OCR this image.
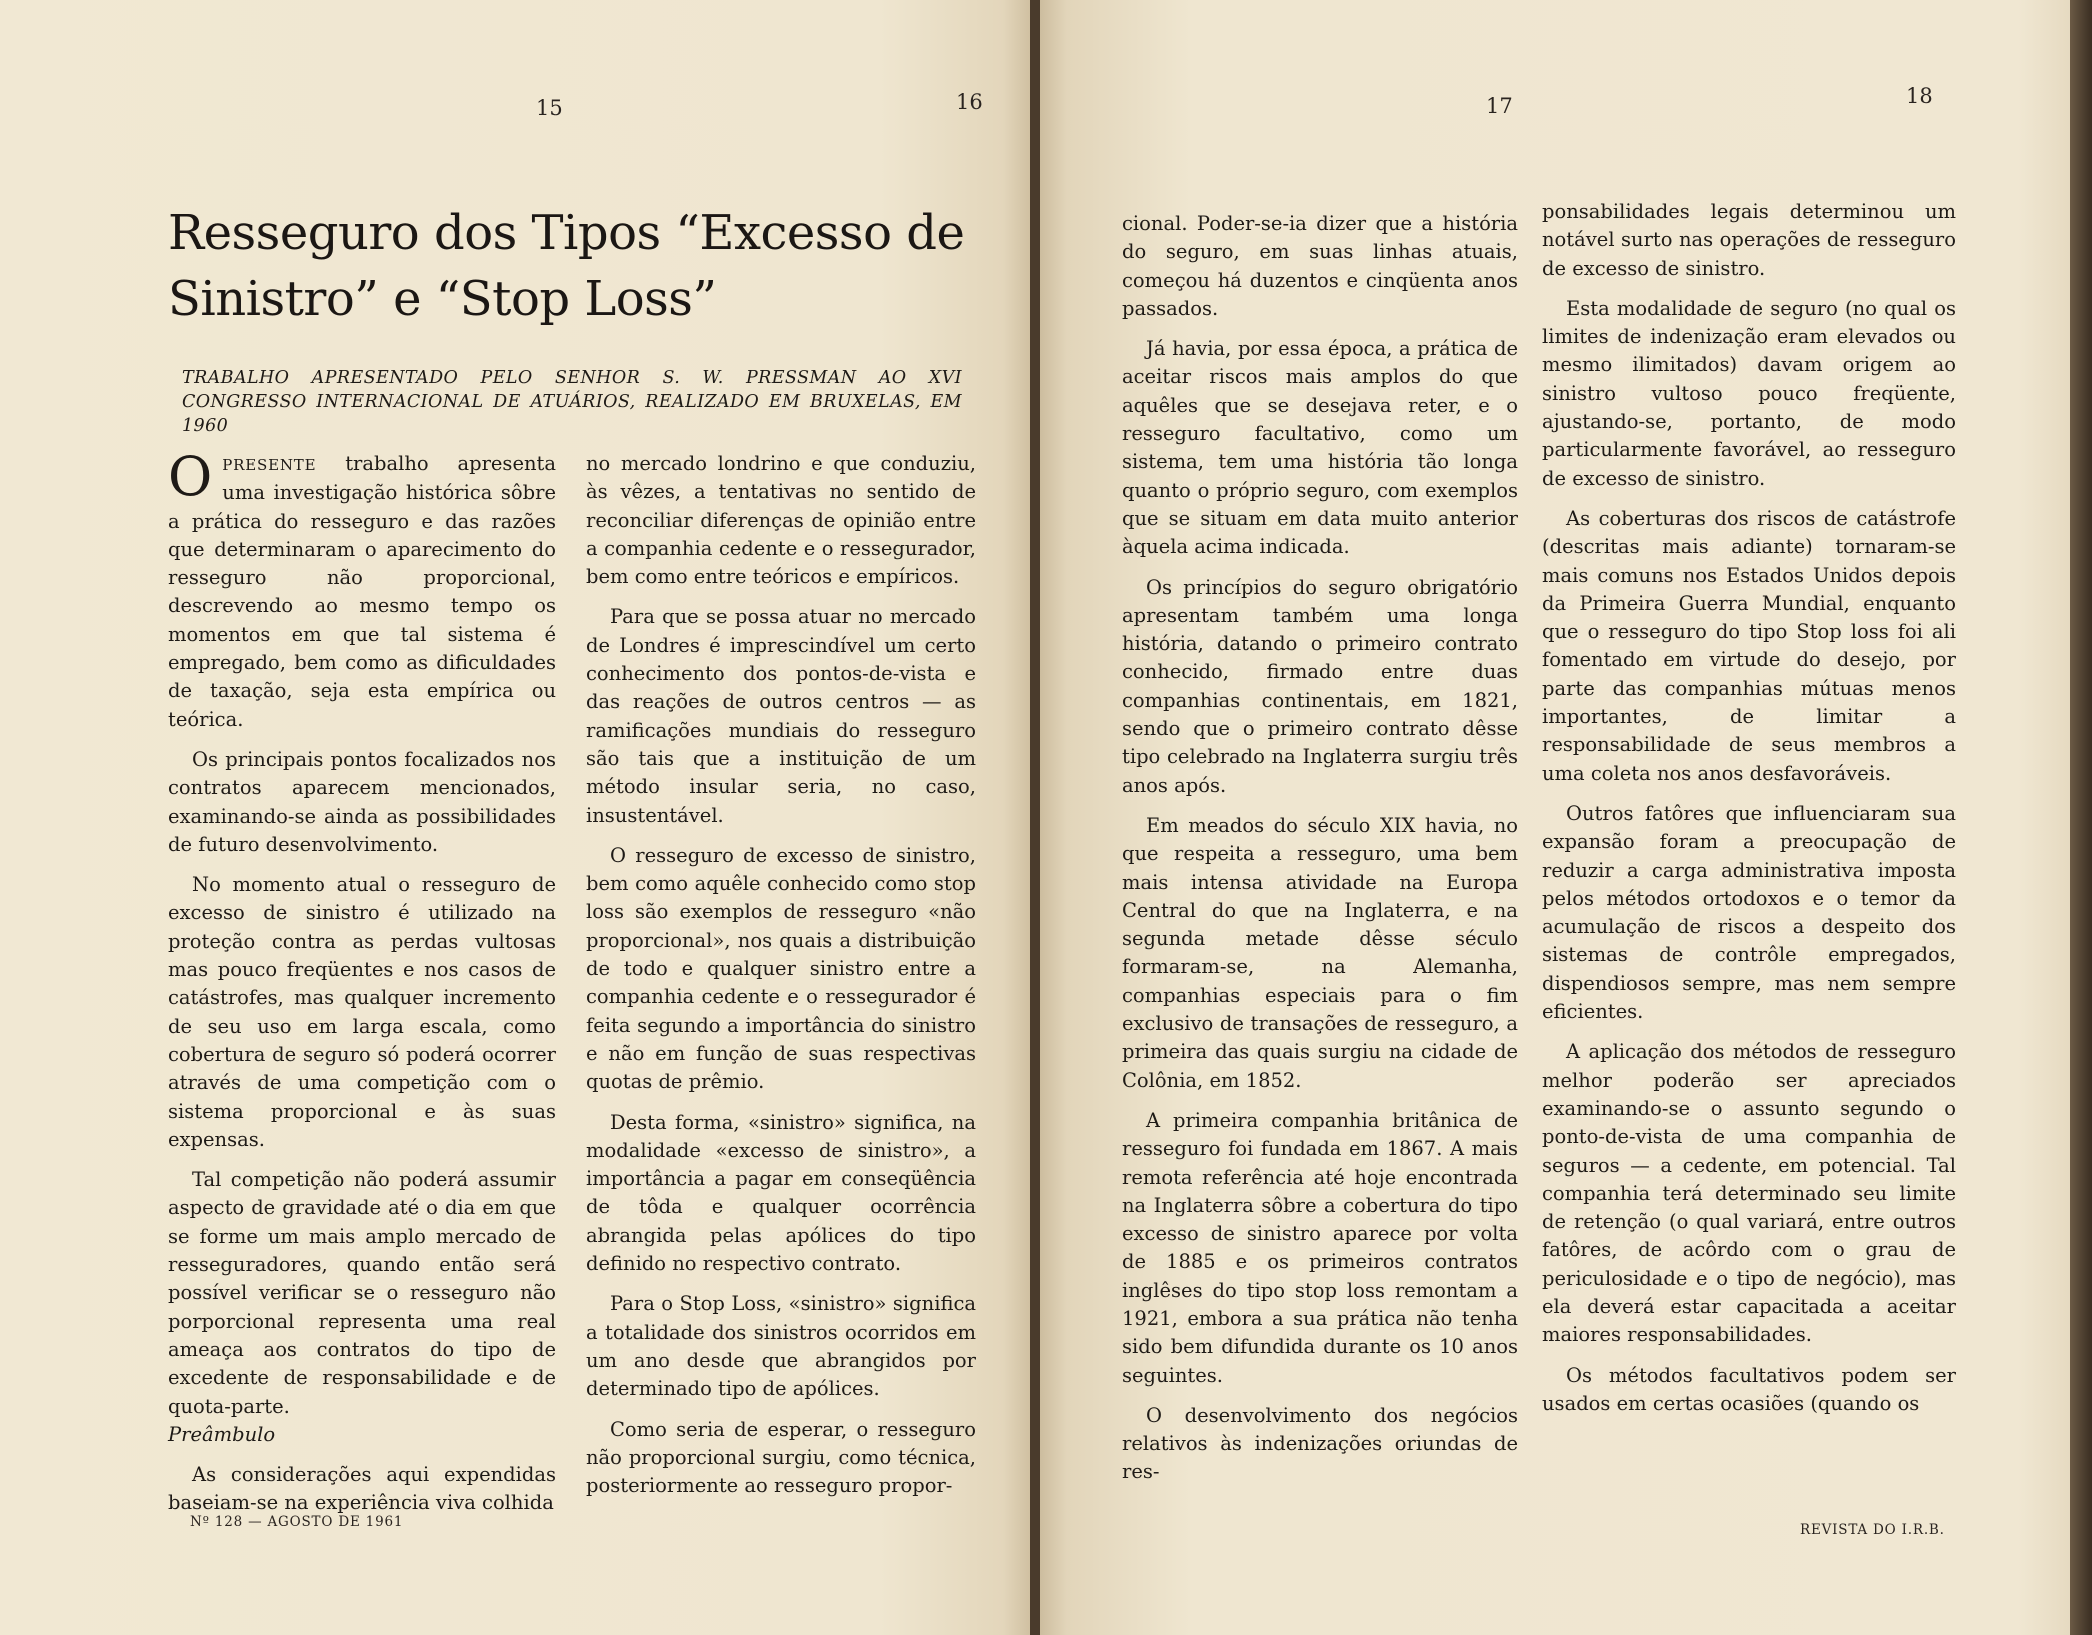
15	16	17	18
Resseguro dos Tipos “Excesso de Sinistro” e “Stop Loss”
TRABALHO APRESENTADO PELO SENHOR S. W. PRESSMAN AO XVI CONGRESSO INTERNACIONAL DE ATUÁRIOS, REALIZADO EM BRUXELAS, EM 1960

OPRESENTE trabalho apresenta uma investigação histórica sôbre a prática do resseguro e das razões que determinaram o aparecimento do resseguro não proporcional, descrevendo ao mesmo tempo os momentos em que tal sistema é empregado, bem como as dificuldades de taxação, seja esta empírica ou teórica.

Os principais pontos focalizados nos contratos aparecem mencionados, examinando-se ainda as possibilidades de futuro desenvolvimento.

No momento atual o resseguro de excesso de sinistro é utilizado na proteção contra as perdas vultosas mas pouco freqüentes e nos casos de catástrofes, mas qualquer incremento de seu uso em larga escala, como cobertura de seguro só poderá ocorrer através de uma competição com o sistema proporcional e às suas expensas.

Tal competição não poderá assumir aspecto de gravidade até o dia em que se forme um mais amplo mercado de resseguradores, quando então será possível verificar se o resseguro não porporcional representa uma real ameaça aos contratos do tipo de excedente de responsabilidade e de quota-parte.

Preâmbulo

As considerações aqui expendidas baseiam-se na experiência viva colhida

no mercado londrino e que conduziu, às vêzes, a tentativas no sentido de reconciliar diferenças de opinião entre a companhia cedente e o ressegurador, bem como entre teóricos e empíricos.

Para que se possa atuar no mercado de Londres é imprescindível um certo conhecimento dos pontos-de-vista e das reações de outros centros — as ramificações mundiais do resseguro são tais que a instituição de um método insular seria, no caso, insustentável.

O resseguro de excesso de sinistro, bem como aquêle conhecido como stop loss são exemplos de resseguro «não proporcional», nos quais a distribuição de todo e qualquer sinistro entre a companhia cedente e o ressegurador é feita segundo a importância do sinistro e não em função de suas respectivas quotas de prêmio.

Desta forma, «sinistro» significa, na modalidade «excesso de sinistro», a importância a pagar em conseqüência de tôda e qualquer ocorrência abrangida pelas apólices do tipo definido no respectivo contrato.

Para o Stop Loss, «sinistro» significa a totalidade dos sinistros ocorridos em um ano desde que abrangidos por determinado tipo de apólices.

Como seria de esperar, o resseguro não proporcional surgiu, como técnica, posteriormente ao resseguro propor-

cional. Poder-se-ia dizer que a história do seguro, em suas linhas atuais, começou há duzentos e cinqüenta anos passados.

Já havia, por essa época, a prática de aceitar riscos mais amplos do que aquêles que se desejava reter, e o resseguro facultativo, como um sistema, tem uma história tão longa quanto o próprio seguro, com exemplos que se situam em data muito anterior àquela acima indicada.

Os princípios do seguro obrigatório apresentam também uma longa história, datando o primeiro contrato conhecido, firmado entre duas companhias continentais, em 1821, sendo que o primeiro contrato dêsse tipo celebrado na Inglaterra surgiu três anos após.

Em meados do século XIX havia, no que respeita a resseguro, uma bem mais intensa atividade na Europa Central do que na Inglaterra, e na segunda metade dêsse século formaram-se, na Alemanha, companhias especiais para o fim exclusivo de transações de resseguro, a primeira das quais surgiu na cidade de Colônia, em 1852.

A primeira companhia britânica de resseguro foi fundada em 1867. A mais remota referência até hoje encontrada na Inglaterra sôbre a cobertura do tipo excesso de sinistro aparece por volta de 1885 e os primeiros contratos inglêses do tipo stop loss remontam a 1921, embora a sua prática não tenha sido bem difundida durante os 10 anos seguintes.

O desenvolvimento dos negócios relativos às indenizações oriundas de res-

ponsabilidades legais determinou um notável surto nas operações de resseguro de excesso de sinistro.

Esta modalidade de seguro (no qual os limites de indenização eram elevados ou mesmo ilimitados) davam origem ao sinistro vultoso pouco freqüente, ajustando-se, portanto, de modo particularmente favorável, ao resseguro de excesso de sinistro.

As coberturas dos riscos de catástrofe (descritas mais adiante) tornaram-se mais comuns nos Estados Unidos depois da Primeira Guerra Mundial, enquanto que o resseguro do tipo Stop loss foi ali fomentado em virtude do desejo, por parte das companhias mútuas menos importantes, de limitar a responsabilidade de seus membros a uma coleta nos anos desfavoráveis.

Outros fatôres que influenciaram sua expansão foram a preocupação de reduzir a carga administrativa imposta pelos métodos ortodoxos e o temor da acumulação de riscos a despeito dos sistemas de contrôle empregados, dispendiosos sempre, mas nem sempre eficientes.

A aplicação dos métodos de resseguro melhor poderão ser apreciados examinando-se o assunto segundo o ponto-de-vista de uma companhia de seguros — a cedente, em potencial. Tal companhia terá determinado seu limite de retenção (o qual variará, entre outros fatôres, de acôrdo com o grau de periculosidade e o tipo de negócio), mas ela deverá estar capacitada a aceitar maiores responsabilidades.

Os métodos facultativos podem ser usados em certas ocasiões (quando os

Nº 128 — AGOSTO DE 1961	REVISTA DO I.R.B.
